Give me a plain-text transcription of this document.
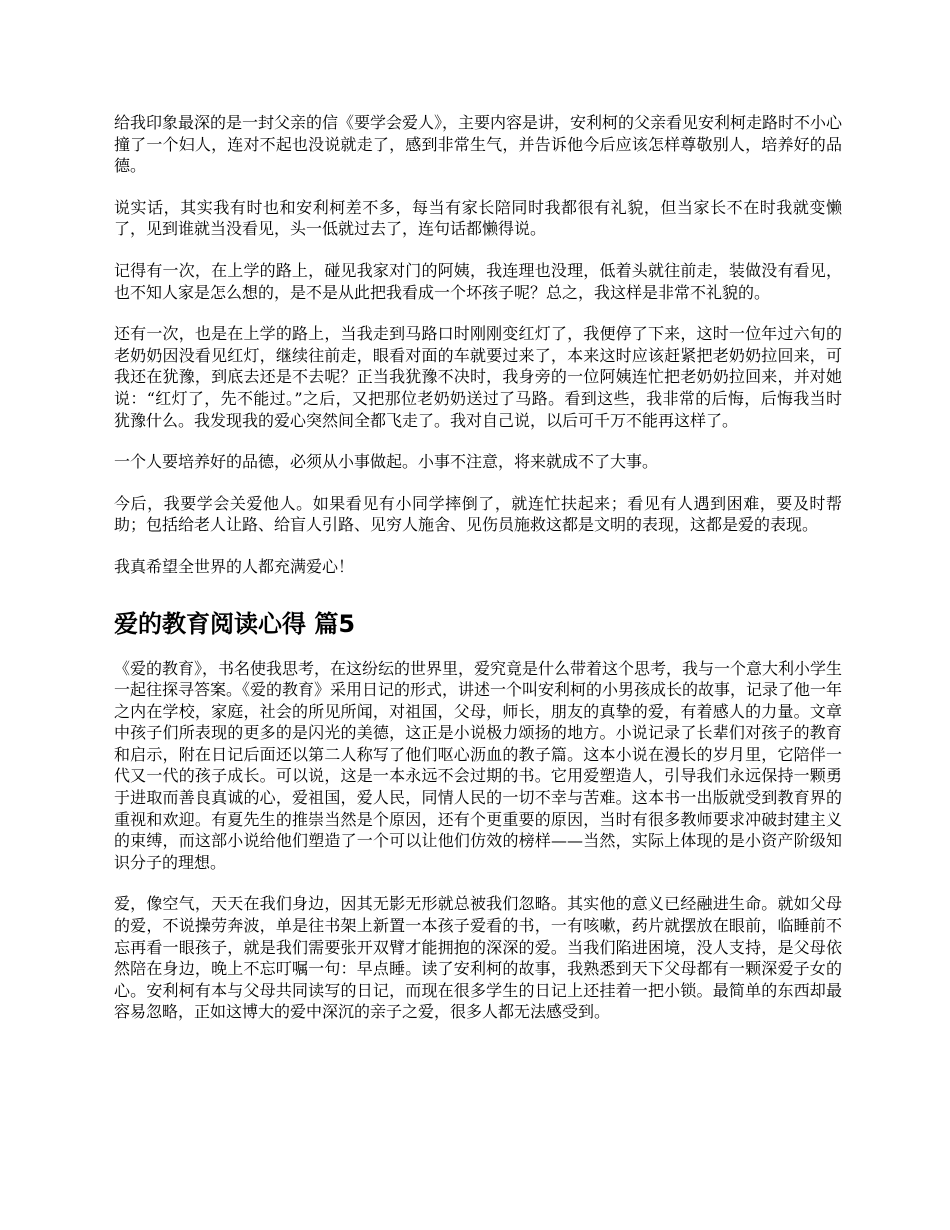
给我印象最深的是一封父亲的信《要学会爱人》，主要内容是讲，安利柯的父亲看见安利柯走路时不小心撞了一个妇人，连对不起也没说就走了，感到非常生气，并告诉他今后应该怎样尊敬别人，培养好的品德。

说实话，其实我有时也和安利柯差不多，每当有家长陪同时我都很有礼貌，但当家长不在时我就变懒了，见到谁就当没看见，头一低就过去了，连句话都懒得说。

记得有一次，在上学的路上，碰见我家对门的阿姨，我连理也没理，低着头就往前走，装做没有看见，也不知人家是怎么想的，是不是从此把我看成一个坏孩子呢？总之，我这样是非常不礼貌的。

还有一次，也是在上学的路上，当我走到马路口时刚刚变红灯了，我便停了下来，这时一位年过六旬的老奶奶因没看见红灯，继续往前走，眼看对面的车就要过来了，本来这时应该赶紧把老奶奶拉回来，可我还在犹豫，到底去还是不去呢？正当我犹豫不决时，我身旁的一位阿姨连忙把老奶奶拉回来，并对她说：“红灯了，先不能过。”之后，又把那位老奶奶送过了马路。看到这些，我非常的后悔，后悔我当时犹豫什么。我发现我的爱心突然间全都飞走了。我对自己说，以后可千万不能再这样了。

一个人要培养好的品德，必须从小事做起。小事不注意，将来就成不了大事。

今后，我要学会关爱他人。如果看见有小同学摔倒了，就连忙扶起来；看见有人遇到困难，要及时帮助；包括给老人让路、给盲人引路、见穷人施舍、见伤员施救这都是文明的表现，这都是爱的表现。

我真希望全世界的人都充满爱心！

爱的教育阅读心得 篇5

《爱的教育》，书名使我思考，在这纷纭的世界里，爱究竟是什么带着这个思考，我与一个意大利小学生一起往探寻答案。《爱的教育》采用日记的形式，讲述一个叫安利柯的小男孩成长的故事，记录了他一年之内在学校，家庭，社会的所见所闻，对祖国，父母，师长，朋友的真挚的爱，有着感人的力量。文章中孩子们所表现的更多的是闪光的美德，这正是小说极力颂扬的地方。小说记录了长辈们对孩子的教育和启示，附在日记后面还以第二人称写了他们呕心沥血的教子篇。这本小说在漫长的岁月里，它陪伴一代又一代的孩子成长。可以说，这是一本永远不会过期的书。它用爱塑造人，引导我们永远保持一颗勇于进取而善良真诚的心，爱祖国，爱人民，同情人民的一切不幸与苦难。这本书一出版就受到教育界的重视和欢迎。有夏先生的推崇当然是个原因，还有个更重要的原因，当时有很多教师要求冲破封建主义的束缚，而这部小说给他们塑造了一个可以让他们仿效的榜样——当然，实际上体现的是小资产阶级知识分子的理想。

爱，像空气，天天在我们身边，因其无影无形就总被我们忽略。其实他的意义已经融进生命。就如父母的爱，不说操劳奔波，单是往书架上新置一本孩子爱看的书，一有咳嗽，药片就摆放在眼前，临睡前不忘再看一眼孩子，就是我们需要张开双臂才能拥抱的深深的爱。当我们陷进困境，没人支持，是父母依然陪在身边，晚上不忘叮嘱一句：早点睡。读了安利柯的故事，我熟悉到天下父母都有一颗深爱子女的心。安利柯有本与父母共同读写的日记，而现在很多学生的日记上还挂着一把小锁。最简单的东西却最容易忽略，正如这博大的爱中深沉的亲子之爱，很多人都无法感受到。
